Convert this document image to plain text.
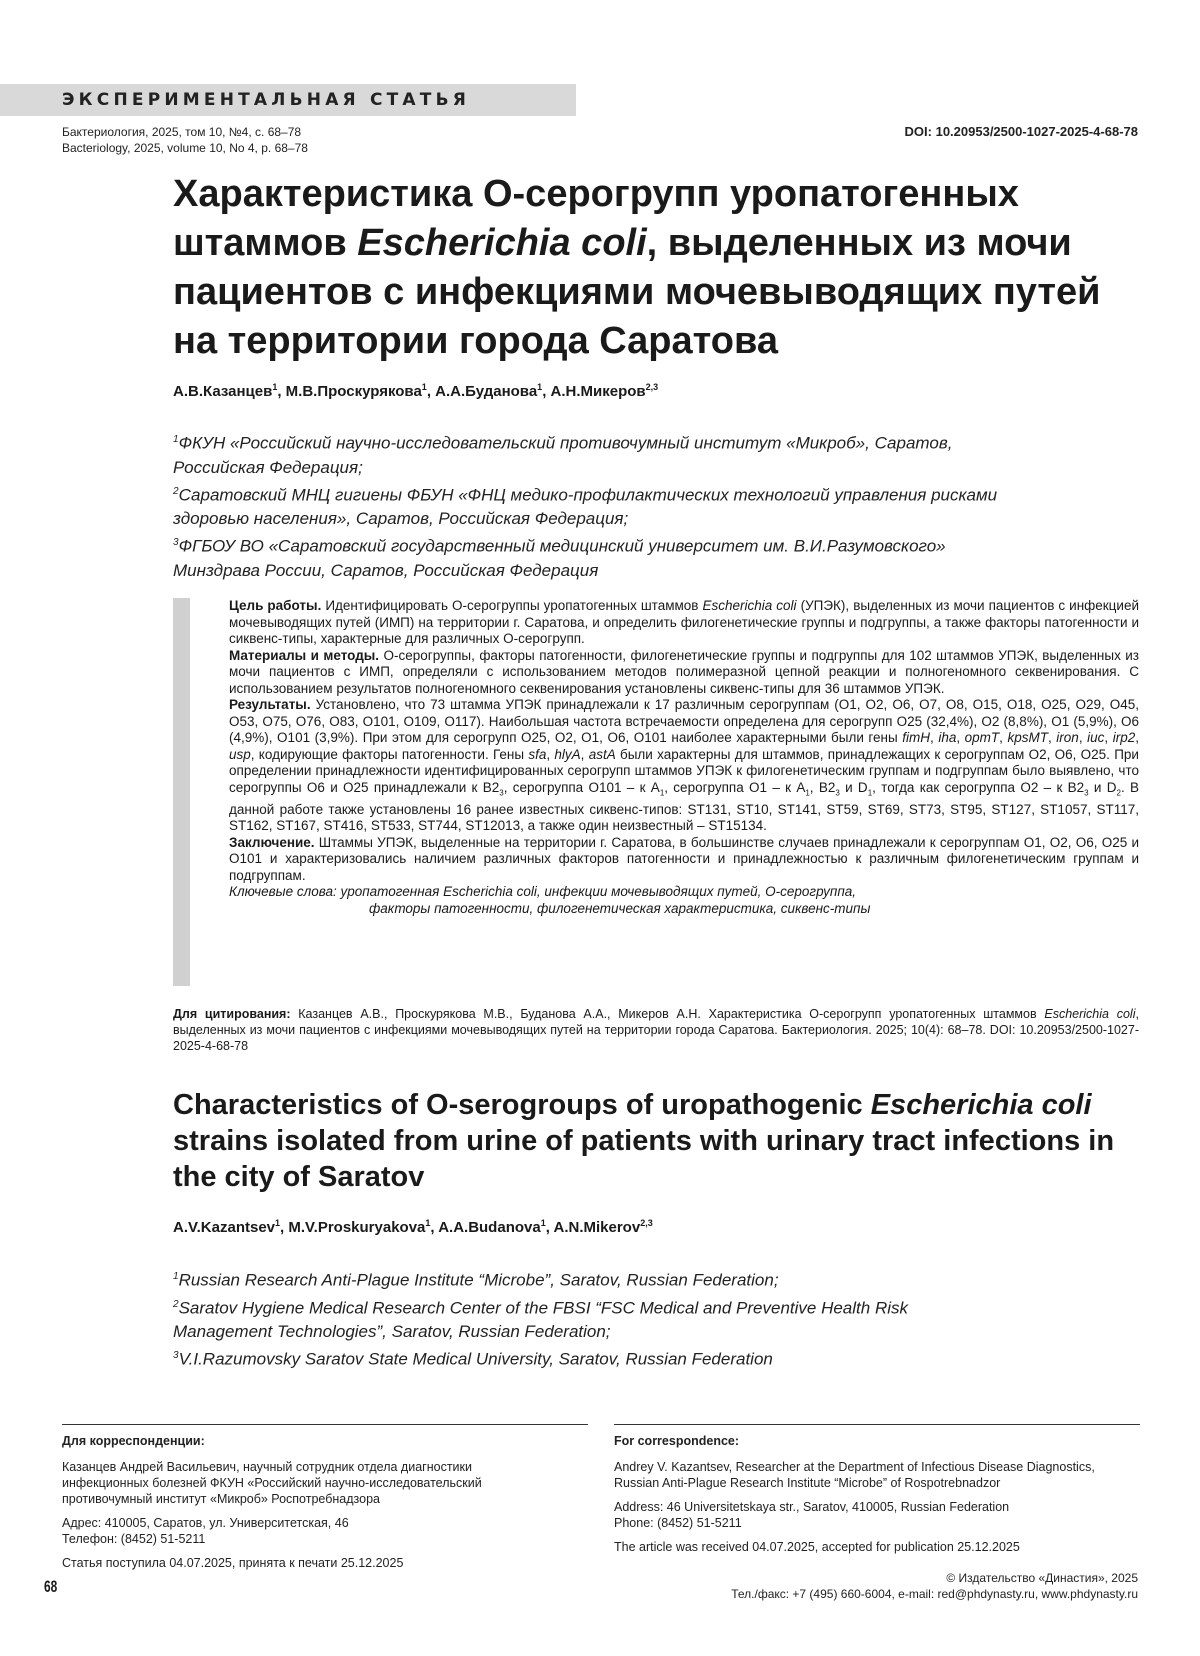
ЭКСПЕРИМЕНТАЛЬНАЯ СТАТЬЯ
Бактериология, 2025, том 10, №4, с. 68–78
Bacteriology, 2025, volume 10, No 4, p. 68–78
DOI: 10.20953/2500-1027-2025-4-68-78
Характеристика О-серогрупп уропатогенных штаммов Escherichia coli, выделенных из мочи пациентов с инфекциями мочевыводящих путей на территории города Саратова
А.В.Казанцев$^1$, М.В.Проскурякова$^1$, А.А.Буданова$^1$, А.Н.Микеров$^{2,3}$
$^1$ФКУН «Российский научно-исследовательский противочумный институт «Микроб», Саратов, Российская Федерация;
$^2$Саратовский МНЦ гигиены ФБУН «ФНЦ медико-профилактических технологий управления рисками здоровью населения», Саратов, Российская Федерация;
$^3$ФГБОУ ВО «Саратовский государственный медицинский университет им. В.И.Разумовского» Минздрава России, Саратов, Российская Федерация

Цель работы. Идентифицировать О-серогруппы уропатогенных штаммов Escherichia coli (УПЭК), выделенных из мочи пациентов с инфекцией мочевыводящих путей (ИМП) на территории г. Саратова, и определить филогенетические группы и подгруппы, а также факторы патогенности и сиквенс-типы, характерные для различных О-серогрупп.

Материалы и методы. О-серогруппы, факторы патогенности, филогенетические группы и подгруппы для 102 штаммов УПЭК, выделенных из мочи пациентов с ИМП, определяли с использованием методов полимеразной цепной реакции и полногеномного секвенирования. С использованием результатов полногеномного секвенирования установлены сиквенс-типы для 36 штаммов УПЭК.

Результаты. Установлено, что 73 штамма УПЭК принадлежали к 17 различным серогруппам (O1, O2, O6, O7, O8, O15, O18, O25, O29, O45, O53, O75, O76, O83, O101, O109, O117). Наибольшая частота встречаемости определена для серогрупп O25 (32,4%), O2 (8,8%), O1 (5,9%), O6 (4,9%), O101 (3,9%). При этом для серогрупп O25, O2, O1, O6, O101 наиболее характерными были гены fimH, iha, opmT, kpsMT, iron, iuc, irp2, usp, кодирующие факторы патогенности. Гены sfa, hlyA, astA были характерны для штаммов, принадлежащих к серогруппам O2, O6, O25. При определении принадлежности идентифицированных серогрупп штаммов УПЭК к филогенетическим группам и подгруппам было выявлено, что серогруппы O6 и O25 принадлежали к $B2_3$, серогруппа O101 – к $A_1$, серогруппа O1 – к $A_1$, $B2_3$ и $D_1$, тогда как серогруппа O2 – к $B2_3$ и $D_2$. В данной работе также установлены 16 ранее известных сиквенс-типов: ST131, ST10, ST141, ST59, ST69, ST73, ST95, ST127, ST1057, ST117, ST162, ST167, ST416, ST533, ST744, ST12013, а также один неизвестный – ST15134.

Заключение. Штаммы УПЭК, выделенные на территории г. Саратова, в большинстве случаев принадлежали к серогруппам O1, O2, O6, O25 и O101 и характеризовались наличием различных факторов патогенности и принадлежностью к различным филогенетическим группам и подгруппам.

Ключевые слова: уропатогенная Escherichia coli, инфекции мочевыводящих путей, O-серогруппа,

факторы патогенности, филогенетическая характеристика, сиквенс-типы

Для цитирования: Казанцев А.В., Проскурякова М.В., Буданова А.А., Микеров А.Н. Характеристика О-серогрупп уропатогенных штаммов Escherichia coli, выделенных из мочи пациентов с инфекциями мочевыводящих путей на территории города Саратова. Бактериология. 2025; 10(4): 68–78. DOI: 10.20953/2500-1027-2025-4-68-78
Characteristics of O-serogroups of uropathogenic Escherichia coli strains isolated from urine of patients with urinary tract infections in the city of Saratov
A.V.Kazantsev$^1$, M.V.Proskuryakova$^1$, A.A.Budanova$^1$, A.N.Mikerov$^{2,3}$
$^1$Russian Research Anti-Plague Institute “Microbe”, Saratov, Russian Federation;
$^2$Saratov Hygiene Medical Research Center of the FBSI “FSC Medical and Preventive Health Risk Management Technologies”, Saratov, Russian Federation;
$^3$V.I.Razumovsky Saratov State Medical University, Saratov, Russian Federation
Для корреспонденции:
Казанцев Андрей Васильевич, научный сотрудник отдела диагностики инфекционных болезней ФКУН «Российский научно-исследовательский противочумный институт «Микроб» Роспотребнадзора
Адрес: 410005, Саратов, ул. Университетская, 46
Телефон: (8452) 51-5211
Статья поступила 04.07.2025, принята к печати 25.12.2025
For correspondence:
Andrey V. Kazantsev, Researcher at the Department of Infectious Disease Diagnostics, Russian Anti-Plague Research Institute “Microbe” of Rospotrebnadzor
Address: 46 Universitetskaya str., Saratov, 410005, Russian Federation
Phone: (8452) 51-5211
The article was received 04.07.2025, accepted for publication 25.12.2025
68	© Издательство «Династия», 2025
Тел./факс: +7 (495) 660-6004, e-mail: red@phdynasty.ru, www.phdynasty.ru
